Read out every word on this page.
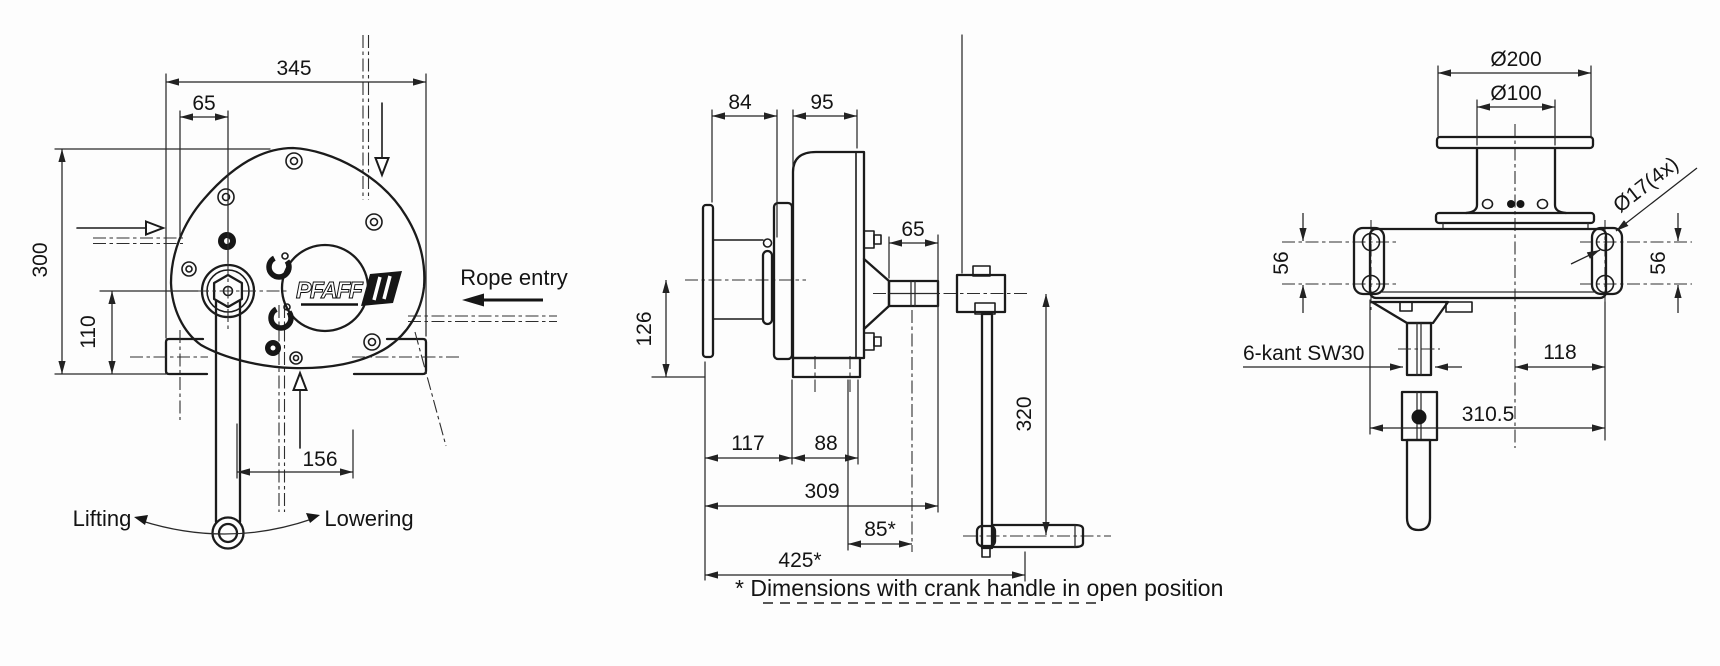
PFAFF	Rope entry
Lifting	Lowering
345
65
300
110
156
84	95
65
126
117 88
309
85*
425*
320
Ø200
Ø100
Ø17(4x)
56	56
6-kant SW30	118
310.5
* Dimensions with crank handle in open position
